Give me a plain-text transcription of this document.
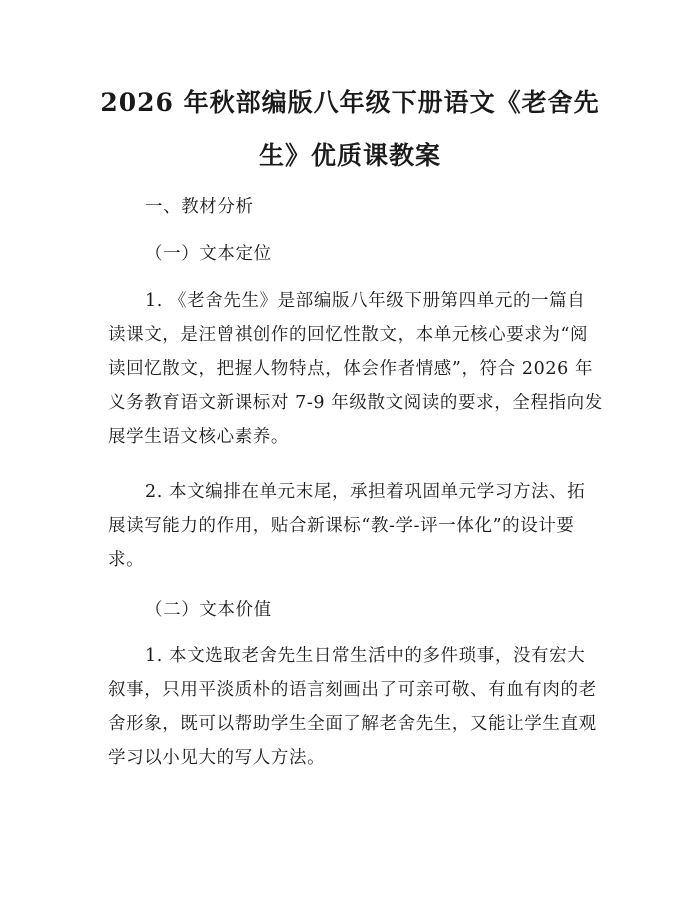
2026 年秋部编版八年级下册语文《老舍先
生》优质课教案
一、教材分析
（一）文本定位
1. 《老舍先生》是部编版八年级下册第四单元的一篇自
读课文，是汪曾祺创作的回忆性散文，本单元核心要求为“阅
读回忆散文，把握人物特点，体会作者情感”，符合 2026 年
义务教育语文新课标对 7-9 年级散文阅读的要求，全程指向发
展学生语文核心素养。
2. 本文编排在单元末尾，承担着巩固单元学习方法、拓
展读写能力的作用，贴合新课标“教-学-评一体化”的设计要
求。
（二）文本价值
1. 本文选取老舍先生日常生活中的多件琐事，没有宏大
叙事，只用平淡质朴的语言刻画出了可亲可敬、有血有肉的老
舍形象，既可以帮助学生全面了解老舍先生，又能让学生直观
学习以小见大的写人方法。
